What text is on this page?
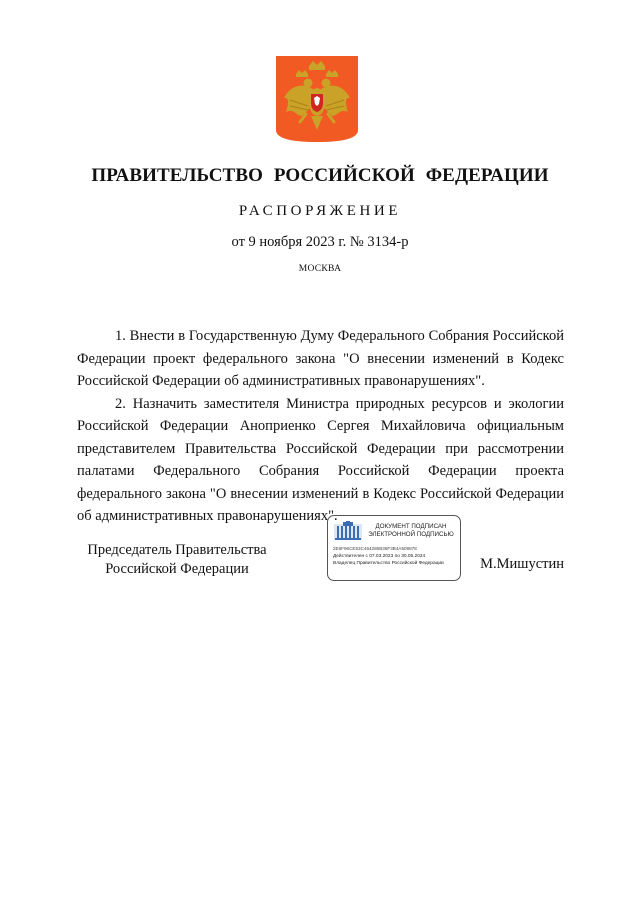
ПРАВИТЕЛЬСТВО РОССИЙСКОЙ ФЕДЕРАЦИИ
РАСПОРЯЖЕНИЕ
от 9 ноября 2023 г. № 3134-р
МОСКВА

1. Внести в Государственную Думу Федерального Собрания Российской Федерации проект федерального закона "О внесении изменений в Кодекс Российской Федерации об административных правонарушениях".

2. Назначить заместителя Министра природных ресурсов и экологии Российской Федерации Аноприенко Сергея Михайловича официальным представителем Правительства Российской Федерации при рассмотрении палатами Федерального Собрания Российской Федерации проекта федерального закона "О внесении изменений в Кодекс Российской Федерации об административных правонарушениях".

Председатель Правительства
Российской Федерации
ДОКУМЕНТ ПОДПИСАН
ЭЛЕКТРОННОЙ ПОДПИСЬЮ
2E6F96CE53C464286B36F3B4A50987E
Действителен с 07.03.2023 по 30.05.2024
Владелец Правительство Российской Федерации	М.Мишустин
